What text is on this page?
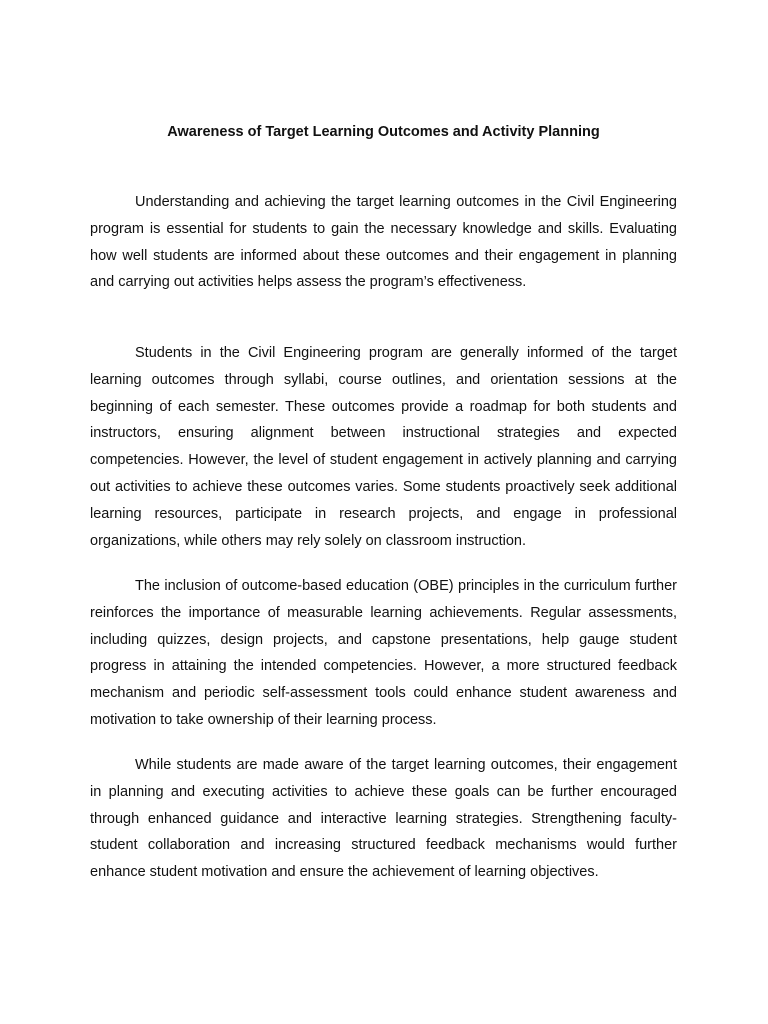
Awareness of Target Learning Outcomes and Activity Planning

Understanding and achieving the target learning outcomes in the Civil Engineering program is essential for students to gain the necessary knowledge and skills. Evaluating how well students are informed about these outcomes and their engagement in planning and carrying out activities helps assess the program’s effectiveness.

Students in the Civil Engineering program are generally informed of the target learning outcomes through syllabi, course outlines, and orientation sessions at the beginning of each semester. These outcomes provide a roadmap for both students and instructors, ensuring alignment between instructional strategies and expected competencies. However, the level of student engagement in actively planning and carrying out activities to achieve these outcomes varies. Some students proactively seek additional learning resources, participate in research projects, and engage in professional organizations, while others may rely solely on classroom instruction.

The inclusion of outcome-based education (OBE) principles in the curriculum further reinforces the importance of measurable learning achievements. Regular assessments, including quizzes, design projects, and capstone presentations, help gauge student progress in attaining the intended competencies. However, a more structured feedback mechanism and periodic self-assessment tools could enhance student awareness and motivation to take ownership of their learning process.

While students are made aware of the target learning outcomes, their engagement in planning and executing activities to achieve these goals can be further encouraged through enhanced guidance and interactive learning strategies. Strengthening faculty-student collaboration and increasing structured feedback mechanisms would further enhance student motivation and ensure the achievement of learning objectives.
